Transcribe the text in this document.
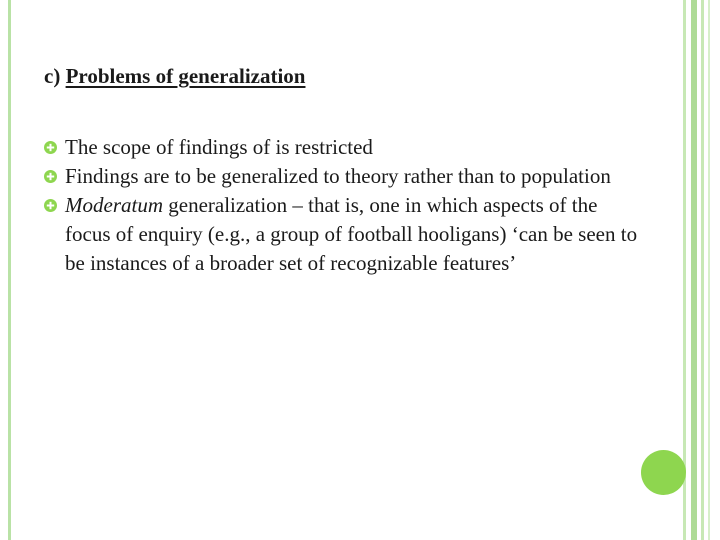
c) Problems of generalization
The scope of findings of is restricted
Findings are to be generalized to theory rather than to population
Moderatum generalization – that is, one in which aspects of the focus of enquiry (e.g., a group of football hooligans) ‘can be seen to be instances of a broader set of recognizable features’
